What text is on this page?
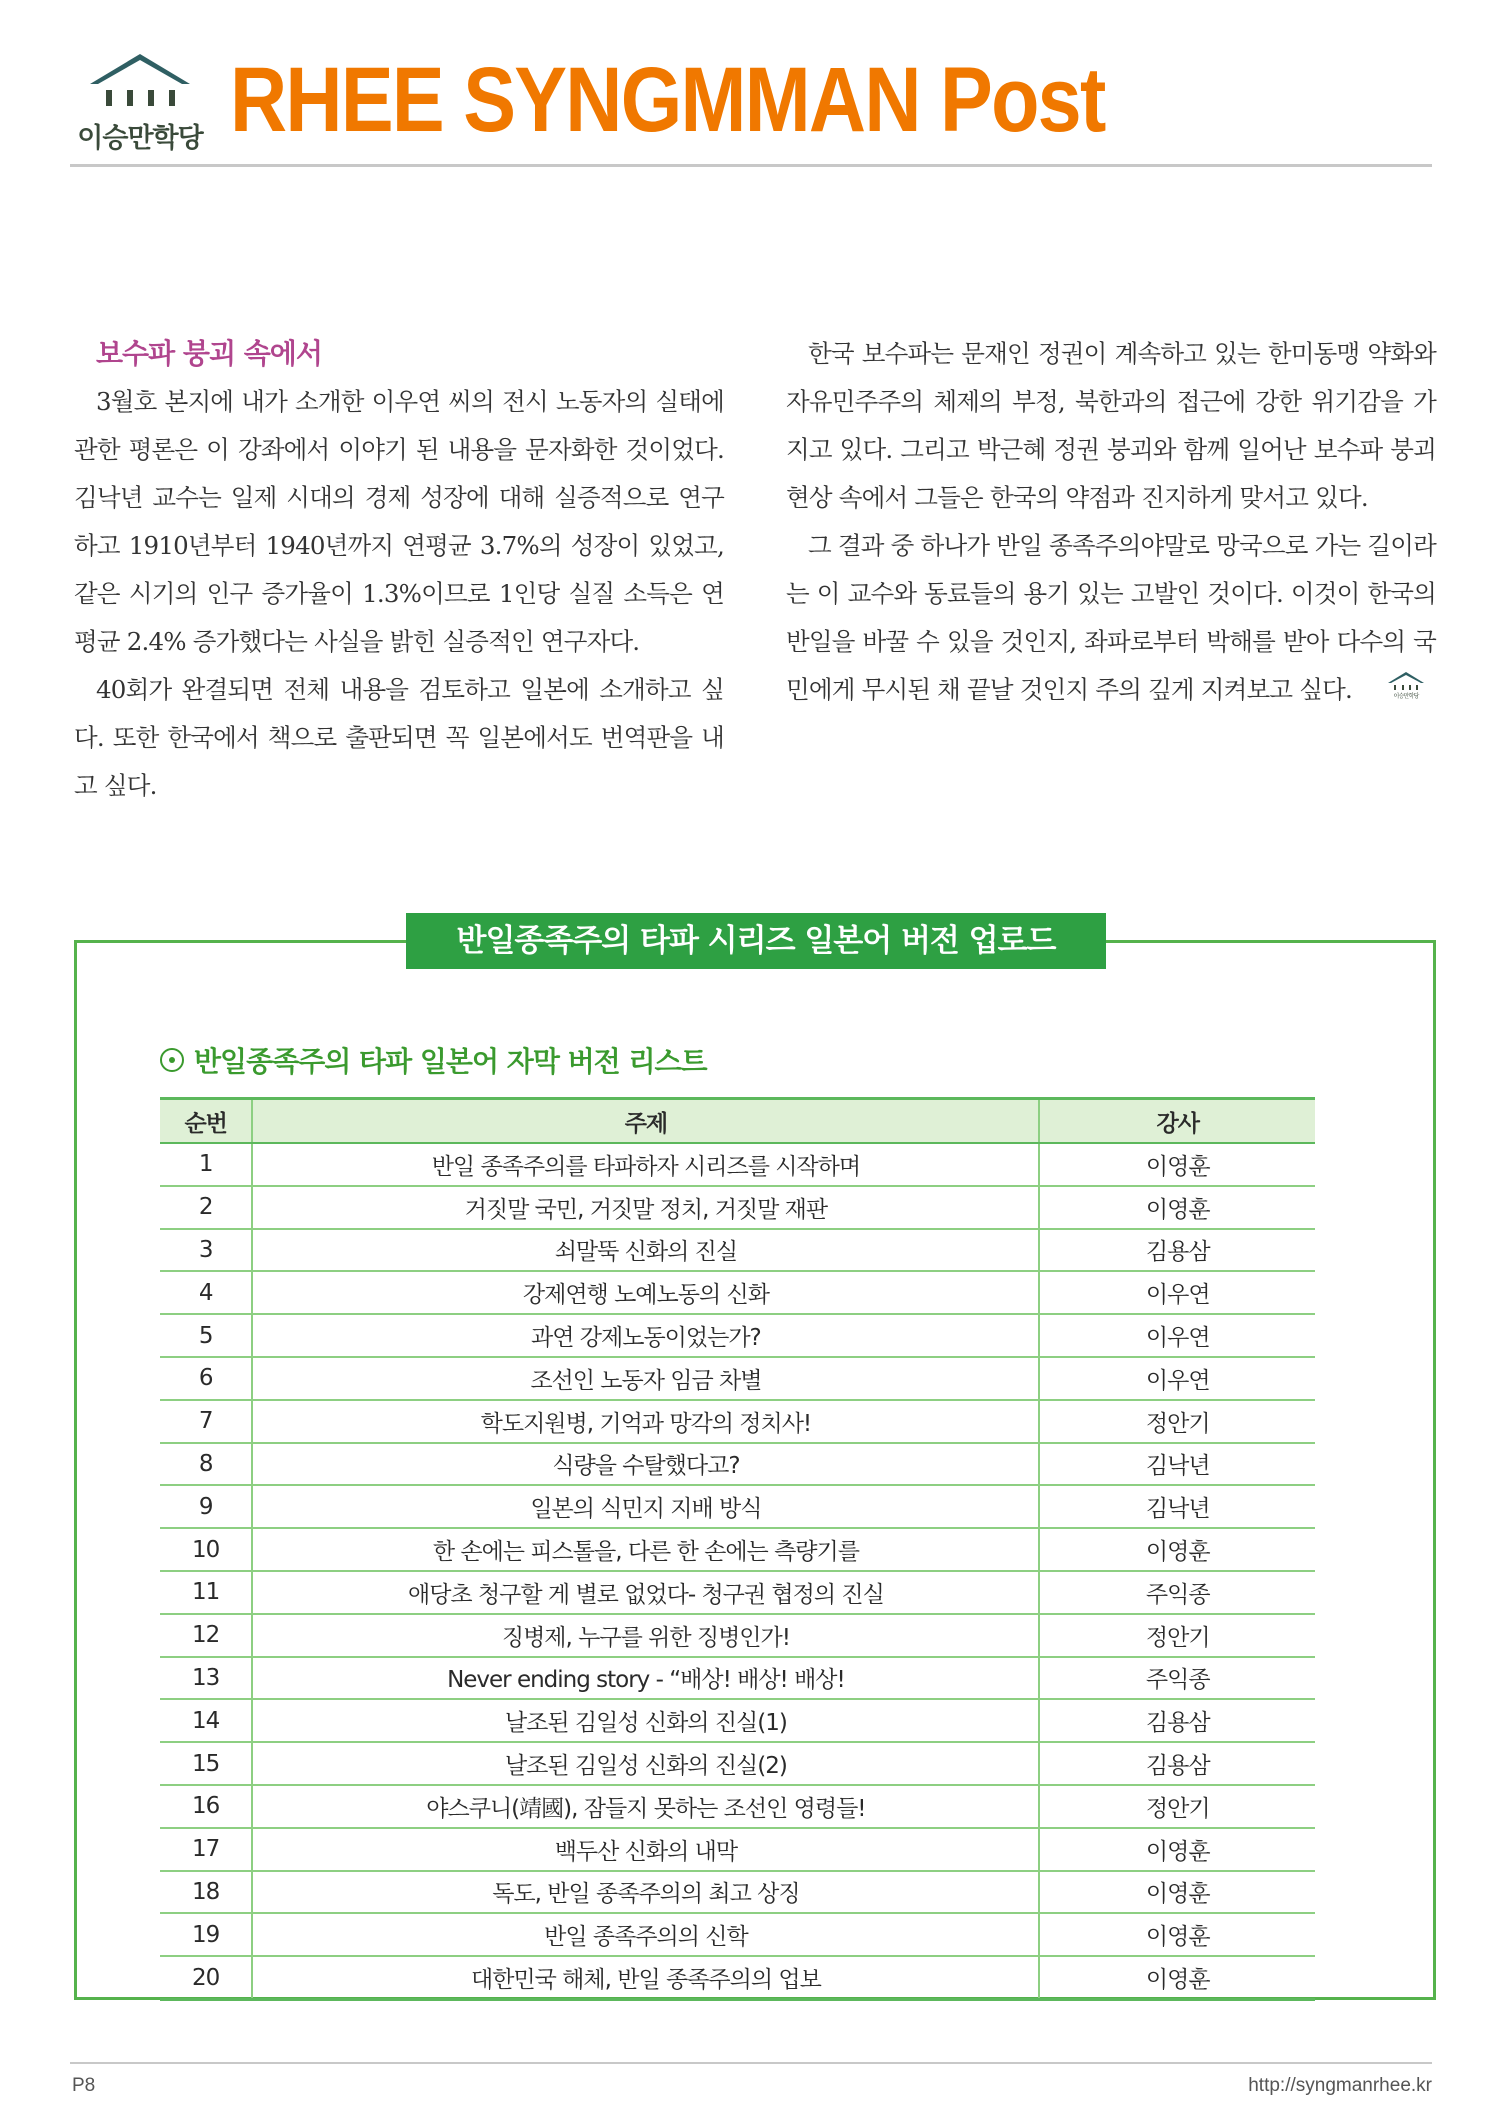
이승만학당 RHEE SYNGMMAN Post
보수파 붕괴 속에서

3월호 본지에 내가 소개한 이우연 씨의 전시 노동자의 실태에 관한 평론은 이 강좌에서 이야기 된 내용을 문자화한 것이었다. 김낙년 교수는 일제 시대의 경제 성장에 대해 실증적으로 연구하고 1910년부터 1940년까지 연평균 3.7%의 성장이 있었고, 같은 시기의 인구 증가율이 1.3%이므로 1인당 실질 소득은 연평균 2.4% 증가했다는 사실을 밝힌 실증적인 연구자다.

40회가 완결되면 전체 내용을 검토하고 일본에 소개하고 싶다. 또한 한국에서 책으로 출판되면 꼭 일본에서도 번역판을 내고 싶다.

한국 보수파는 문재인 정권이 계속하고 있는 한미동맹 약화와 자유민주주의 체제의 부정, 북한과의 접근에 강한 위기감을 가지고 있다. 그리고 박근혜 정권 붕괴와 함께 일어난 보수파 붕괴 현상 속에서 그들은 한국의 약점과 진지하게 맞서고 있다.

그 결과 중 하나가 반일 종족주의야말로 망국으로 가는 길이라는 이 교수와 동료들의 용기 있는 고발인 것이다. 이것이 한국의 반일을 바꿀 수 있을 것인지, 좌파로부터 박해를 받아 다수의 국민에게 무시된 채 끝날 것인지 주의 깊게 지켜보고 싶다.	이승만학당

반일종족주의 타파 시리즈 일본어 버전 업로드
반일종족주의 타파 일본어 자막 버전 리스트
순번	주제	강사
1	반일 종족주의를 타파하자 시리즈를 시작하며	이영훈
2	거짓말 국민, 거짓말 정치, 거짓말 재판	이영훈
3	쇠말뚝 신화의 진실	김용삼
4	강제연행 노예노동의 신화	이우연
5	과연 강제노동이었는가?	이우연
6	조선인 노동자 임금 차별	이우연
7	학도지원병, 기억과 망각의 정치사!	정안기
8	식량을 수탈했다고?	김낙년
9	일본의 식민지 지배 방식	김낙년
10	한 손에는 피스톨을, 다른 한 손에는 측량기를	이영훈
11	애당초 청구할 게 별로 없었다- 청구권 협정의 진실	주익종
12	징병제, 누구를 위한 징병인가!	정안기
13	Never ending story - “배상! 배상! 배상!	주익종
14	날조된 김일성 신화의 진실(1)	김용삼
15	날조된 김일성 신화의 진실(2)	김용삼
16	야스쿠니(靖國), 잠들지 못하는 조선인 영령들!	정안기
17	백두산 신화의 내막	이영훈
18	독도, 반일 종족주의의 최고 상징	이영훈
19	반일 종족주의의 신학	이영훈
20	대한민국 해체, 반일 종족주의의 업보	이영훈
P8	http://syngmanrhee.kr
